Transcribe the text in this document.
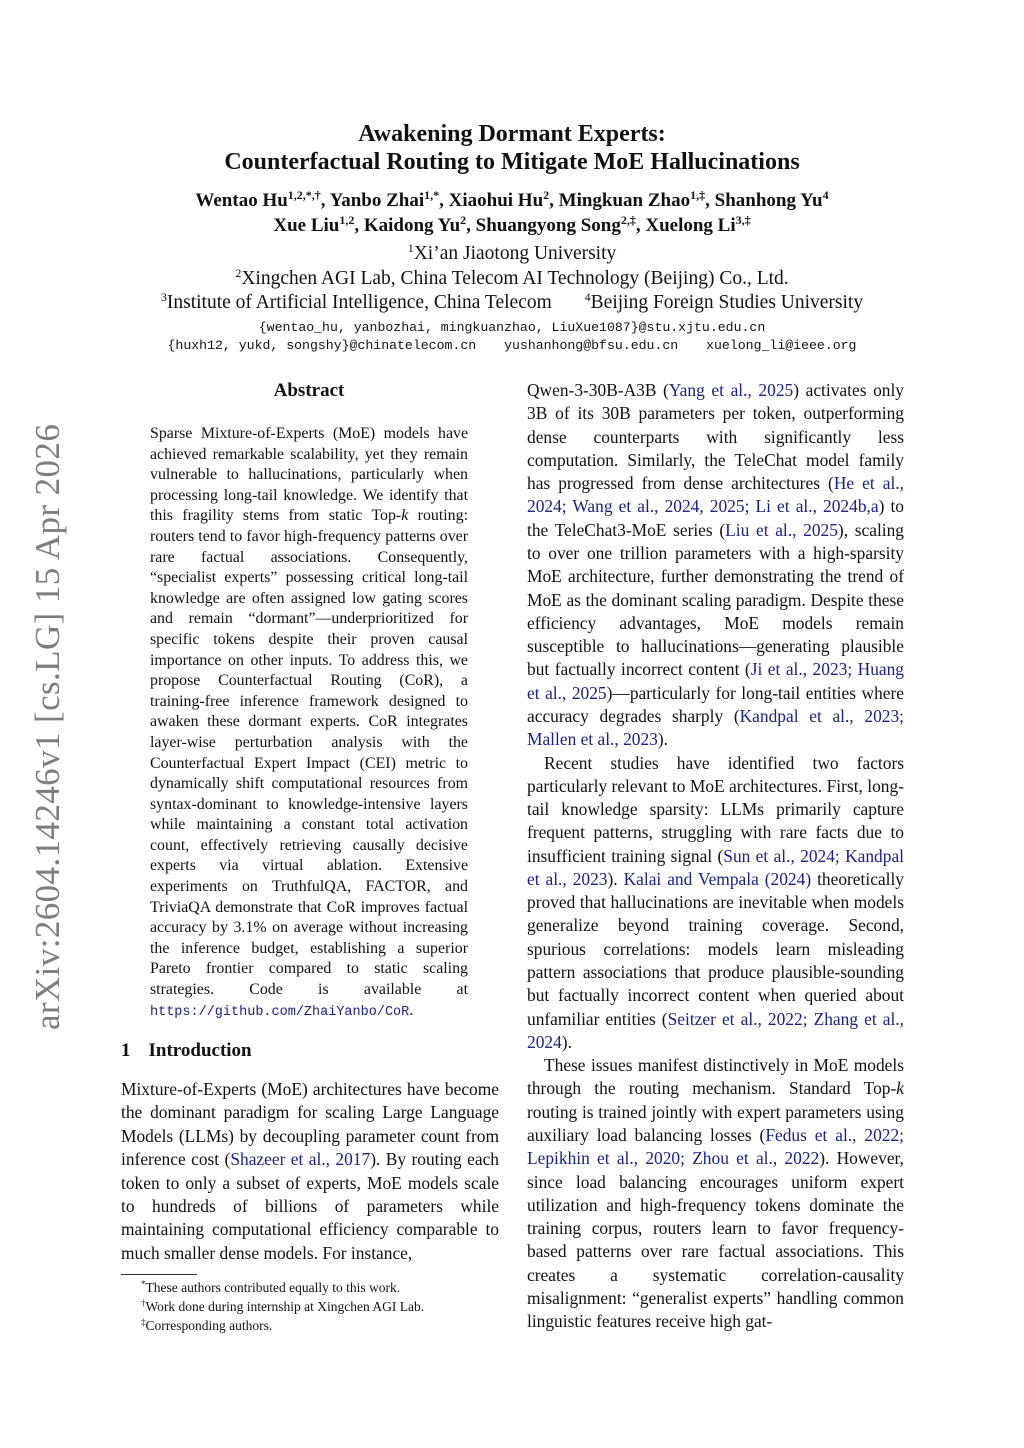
arXiv:2604.14246v1 [cs.LG] 15 Apr 2026
Awakening Dormant Experts:
Counterfactual Routing to Mitigate MoE Hallucinations
Wentao $Hu^{1,2,*,\dagger}$, Yanbo Zhai$^{1,*}$, Xiaohui Hu$^2$, Mingkuan Zhao$^{1,\ddagger}$, Shanhong Yu$^4$
Xue Liu$^{1,2}$, Kaidong Yu$^2$, Shuangyong Song$^{2,\ddagger}$, Xuelong $Li^{3,\ddagger}$
$^1$Xi’an Jiaotong University
$^2$Xingchen AGI Lab, China Telecom AI Technology (Beijing) Co., Ltd.
$^3$Institute of Artificial Intelligence, China Telecom	$^4$Beijing Foreign Studies University
{wentao_hu, yanbozhai, mingkuanzhao, LiuXue1087}@stu.xjtu.edu.cn
{huxh12, yukd, songshy}@chinatelecom.cn yushanhong@bfsu.edu.cn xuelong_li@ieee.org
Abstract
Sparse Mixture-of-Experts (MoE) models have achieved remarkable scalability, yet they remain vulnerable to hallucinations, particularly when processing long-tail knowledge. We identify that this fragility stems from static Top-k routing: routers tend to favor high-frequency patterns over rare factual associations. Consequently, “specialist experts” possessing critical long-tail knowledge are often assigned low gating scores and remain “dormant”—underprioritized for specific tokens despite their proven causal importance on other inputs. To address this, we propose Counterfactual Routing (CoR), a training-free inference framework designed to awaken these dormant experts. CoR integrates layer-wise perturbation analysis with the Counterfactual Expert Impact (CEI) metric to dynamically shift computational resources from syntax-dominant to knowledge-intensive layers while maintaining a constant total activation count, effectively retrieving causally decisive experts via virtual ablation. Extensive experiments on TruthfulQA, FACTOR, and TriviaQA demonstrate that CoR improves factual accuracy by 3.1% on average without increasing the inference budget, establishing a superior Pareto frontier compared to static scaling strategies. Code is available at https://github.com/ZhaiYanbo/CoR.
1 Introduction
Mixture-of-Experts (MoE) architectures have become the dominant paradigm for scaling Large Language Models (LLMs) by decoupling parameter count from inference cost (Shazeer et al., 2017). By routing each token to only a subset of experts, MoE models scale to hundreds of billions of parameters while maintaining computational efficiency comparable to much smaller dense models. For instance,

Qwen-3-30B-A3B (Yang et al., 2025) activates only 3B of its 30B parameters per token, outperforming dense counterparts with significantly less computation. Similarly, the TeleChat model family has progressed from dense architectures (He et al., 2024; Wang et al., 2024, 2025; Li et al., 2024b,a) to the TeleChat3-MoE series (Liu et al., 2025), scaling to over one trillion parameters with a high-sparsity MoE architecture, further demonstrating the trend of MoE as the dominant scaling paradigm. Despite these efficiency advantages, MoE models remain susceptible to hallucinations—generating plausible but factually incorrect content (Ji et al., 2023; Huang et al., 2025)—particularly for long-tail entities where accuracy degrades sharply (Kandpal et al., 2023; Mallen et al., 2023).

Recent studies have identified two factors particularly relevant to MoE architectures. First, long-tail knowledge sparsity: LLMs primarily capture frequent patterns, struggling with rare facts due to insufficient training signal (Sun et al., 2024; Kandpal et al., 2023). Kalai and Vempala (2024) theoretically proved that hallucinations are inevitable when models generalize beyond training coverage. Second, spurious correlations: models learn misleading pattern associations that produce plausible-sounding but factually incorrect content when queried about unfamiliar entities (Seitzer et al., 2022; Zhang et al., 2024).

These issues manifest distinctively in MoE models through the routing mechanism. Standard Top-k routing is trained jointly with expert parameters using auxiliary load balancing losses (Fedus et al., 2022; Lepikhin et al., 2020; Zhou et al., 2022). However, since load balancing encourages uniform expert utilization and high-frequency tokens dominate the training corpus, routers learn to favor frequency-based patterns over rare factual associations. This creates a systematic correlation-causality misalignment: “generalist experts” handling common linguistic features receive high gat-

*These authors contributed equally to this work.
†Work done during internship at Xingchen AGI Lab.
‡Corresponding authors.
